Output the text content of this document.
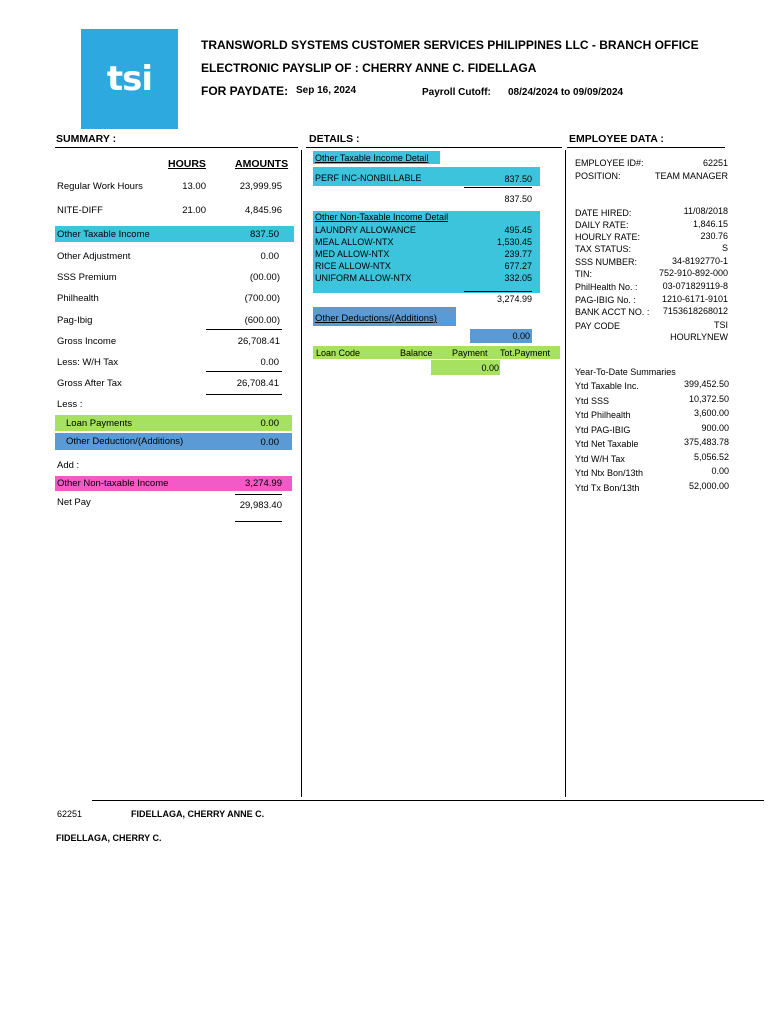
tsi
TRANSWORLD SYSTEMS CUSTOMER SERVICES PHILIPPINES LLC - BRANCH OFFICE
ELECTRONIC PAYSLIP OF : CHERRY ANNE C. FIDELLAGA
FOR PAYDATE: Sep 16, 2024	Payroll Cutoff: 08/24/2024 to 09/09/2024
SUMMARY :	DETAILS :	EMPLOYEE DATA :
HOURS	AMOUNTS
Regular Work Hours	13.00	23,999.95
NITE-DIFF	21.00	4,845.96
Other Taxable Income	837.50
Other Adjustment	0.00
SSS Premium	(00.00)
Philhealth	(700.00)
Pag-Ibig	(600.00)
Gross Income	26,708.41
Less: W/H Tax	0.00
Gross After Tax	26,708.41
Less :
Loan Payments	0.00
Other Deduction/(Additions)	0.00
Add :
Other Non-taxable Income	3,274.99
Net Pay	29,983.40
Other Taxable Income Detail
PERF INC-NONBILLABLE	837.50
837.50
Other Non-Taxable Income Detail
LAUNDRY ALLOWANCE	495.45
MEAL ALLOW-NTX	1,530.45
MED ALLOW-NTX	239.77
RICE ALLOW-NTX	677.27
UNIFORM ALLOW-NTX	332.05
3,274.99
Other Deductions/(Additions)
0.00
Loan Code	Balance Payment Tot.Payment
0.00
EMPLOYEE ID#:	62251
POSITION:	TEAM MANAGER
DATE HIRED:	11/08/2018
DAILY RATE:	1,846.15
HOURLY RATE:	230.76
TAX STATUS:	S
SSS NUMBER:	34-8192770-1
TIN:	752-910-892-000
PhilHealth No. :	03-071829119-8
PAG-IBIG No. :	1210-6171-9101
BANK ACCT NO. :	7153618268012
PAY CODE	TSI
HOURLYNEW
Year-To-Date Summaries
Ytd Taxable Inc.	399,452.50
Ytd SSS	10,372.50
Ytd Philhealth	3,600.00
Ytd PAG-IBIG	900.00
Ytd Net Taxable	375,483.78
Ytd W/H Tax	5,056.52
Ytd Ntx Bon/13th	0.00
Ytd Tx Bon/13th	52,000.00
62251	FIDELLAGA, CHERRY ANNE C.
FIDELLAGA, CHERRY C.
